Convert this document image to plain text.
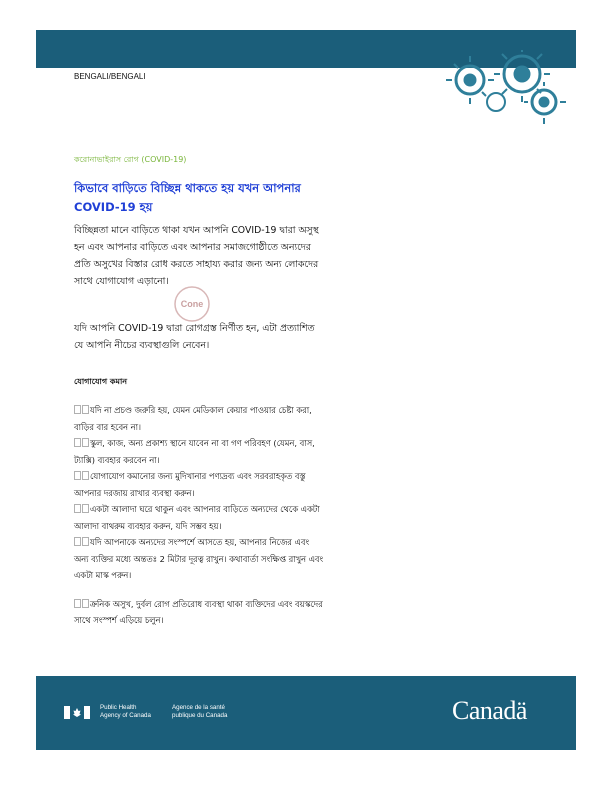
BENGALI/BENGALI
করোনাভাইরাস রোগ (COVID-19)
কিভাবে বাড়িতে বিচ্ছিন্ন থাকতে হয় যখন আপনার COVID-19 হয়
বিচ্ছিন্নতা মানে বাড়িতে থাকা যখন আপনি COVID-19 দ্বারা অসুস্থ হন এবং আপনার বাড়িতে এবং আপনার সমাজগোষ্ঠীতে অন্যদের প্রতি অসুখের বিস্তার রোধ করতে সাহায্য করার জন্য অন্য লোকদের সাথে যোগাযোগ এড়ানো।
Cone
যদি আপনি COVID-19 দ্বারা রোগগ্রস্ত নির্ণীত হন, এটা প্রত্যাশিত যে আপনি নীচের ব্যবস্থাগুলি নেবেন।
যোগাযোগ কমান
যদি না প্রচণ্ড জরুরি হয়, যেমন মেডিকাল কেয়ার পাওয়ার চেষ্টা করা, বাড়ির বার হবেন না।
স্কুল, কাজ, অন্য প্রকাশ্য স্থানে যাবেন না বা গণ পরিবহণ (যেমন, বাস, ট্যাক্সি) ব্যবহার করবেন না।
যোগাযোগ কমানোর জন্য মুদিখানার পণ্যদ্রব্য এবং সরবরাহকৃত বস্তু আপনার দরজায় রাখার ব্যবস্থা করুন।
একটা আলাদা ঘরে থাকুন এবং আপনার বাড়িতে অন্যদের থেকে একটা আলাদা বাথরুম ব্যবহার করুন, যদি সম্ভব হয়।
যদি আপনাকে অন্যদের সংস্পর্শে আসতে হয়, আপনার নিজের এবং অন্য ব্যক্তির মধ্যে অন্ততঃ 2 মিটার দূরত্ব রাখুন। কথাবার্তা সংক্ষিপ্ত রাখুন এবং একটা মাস্ক পরুন।
ক্রনিক অসুখ, দুর্বল রোগ প্রতিরোধ ব্যবস্থা থাকা ব্যক্তিদের এবং বয়স্কদের সাথে সংস্পর্শ এড়িয়ে চলুন।
Public Health
Agency of Canada
Agence de la santé
publique du Canada	Canadä
